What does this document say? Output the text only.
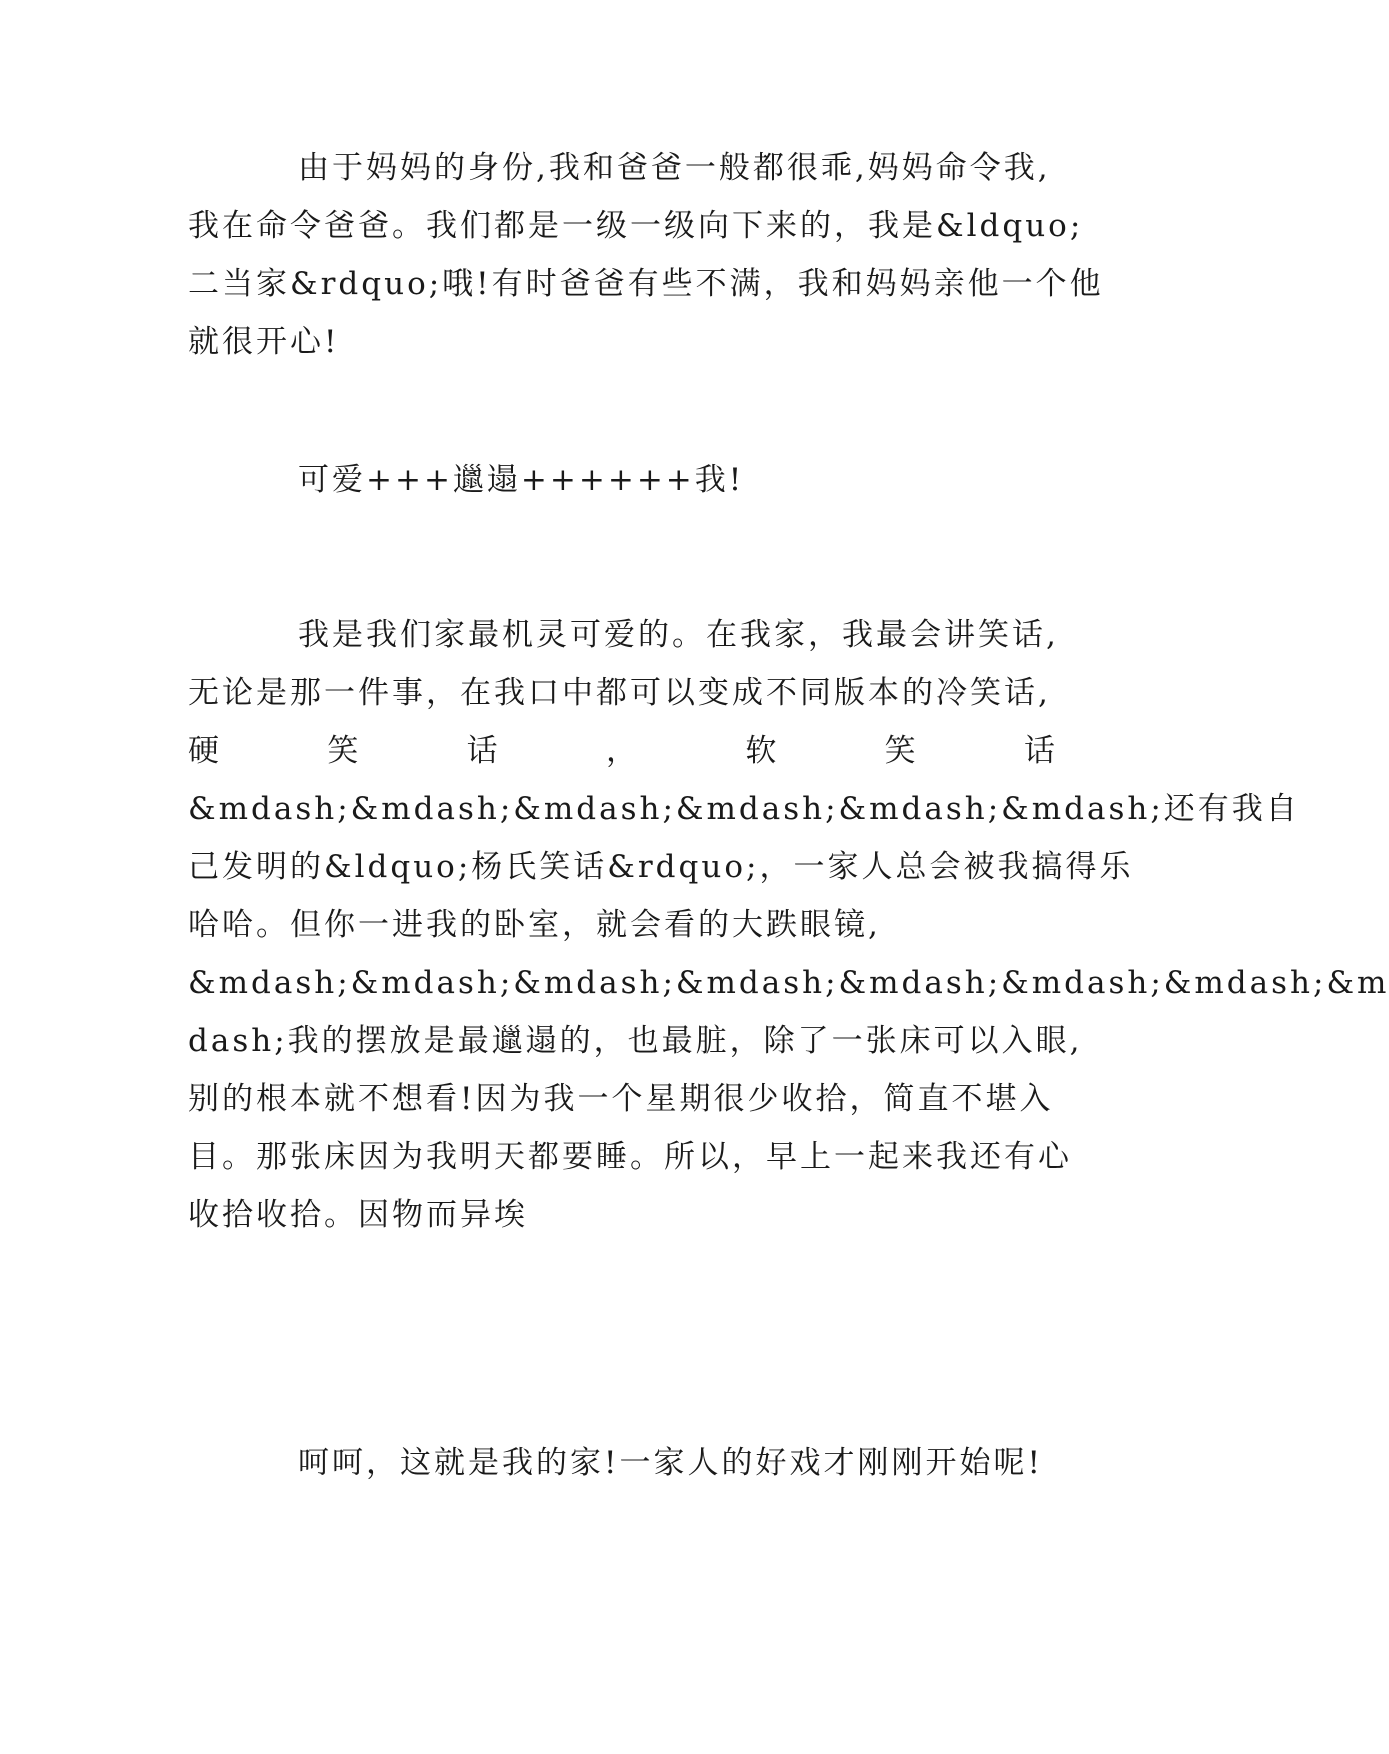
由于妈妈的身份,我和爸爸一般都很乖,妈妈命令我,
我在命令爸爸。我们都是一级一级向下来的，我是&ldquo;
二当家&rdquo;哦!有时爸爸有些不满，我和妈妈亲他一个他
就很开心!
可爱+++邋遢++++++我!
我是我们家最机灵可爱的。在我家，我最会讲笑话,
无论是那一件事，在我口中都可以变成不同版本的冷笑话,
硬	笑	话	，	软	笑	话
&mdash;&mdash;&mdash;&mdash;&mdash;&mdash;还有我自
己发明的&ldquo;杨氏笑话&rdquo;，一家人总会被我搞得乐
哈哈。但你一进我的卧室，就会看的大跌眼镜,
&mdash;&mdash;&mdash;&mdash;&mdash;&mdash;&mdash;&m
dash;我的摆放是最邋遢的，也最脏，除了一张床可以入眼,
别的根本就不想看!因为我一个星期很少收拾，简直不堪入
目。那张床因为我明天都要睡。所以，早上一起来我还有心
收拾收拾。因物而异埃
呵呵，这就是我的家!一家人的好戏才刚刚开始呢!
